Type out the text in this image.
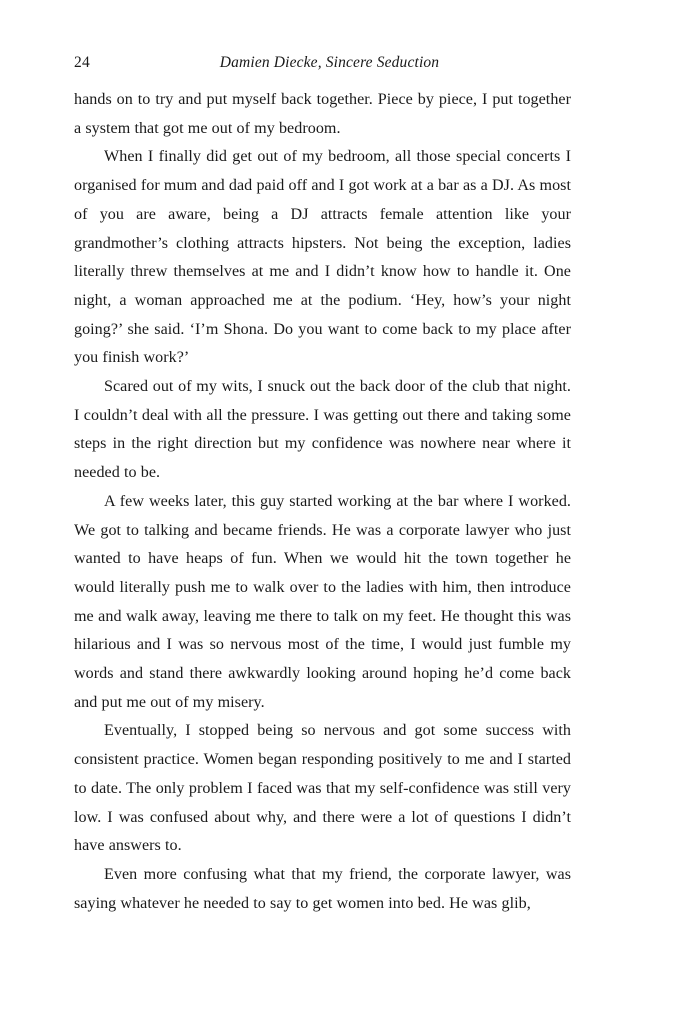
24	Damien Diecke, Sincere Seduction

hands on to try and put myself back together. Piece by piece, I put together a system that got me out of my bedroom.

When I finally did get out of my bedroom, all those special concerts I organised for mum and dad paid off and I got work at a bar as a DJ. As most of you are aware, being a DJ attracts female attention like your grandmother’s clothing attracts hipsters. Not being the exception, ladies literally threw themselves at me and I didn’t know how to handle it. One night, a woman approached me at the podium. ‘Hey, how’s your night going?’ she said. ‘I’m Shona. Do you want to come back to my place after you finish work?’

Scared out of my wits, I snuck out the back door of the club that night. I couldn’t deal with all the pressure. I was getting out there and taking some steps in the right direction but my confidence was nowhere near where it needed to be.

A few weeks later, this guy started working at the bar where I worked. We got to talking and became friends. He was a corporate lawyer who just wanted to have heaps of fun. When we would hit the town together he would literally push me to walk over to the ladies with him, then introduce me and walk away, leaving me there to talk on my feet. He thought this was hilarious and I was so nervous most of the time, I would just fumble my words and stand there awkwardly looking around hoping he’d come back and put me out of my misery.

Eventually, I stopped being so nervous and got some success with consistent practice. Women began responding positively to me and I started to date. The only problem I faced was that my self-confidence was still very low. I was confused about why, and there were a lot of questions I didn’t have answers to.

Even more confusing what that my friend, the corporate lawyer, was saying whatever he needed to say to get women into bed. He was glib,
